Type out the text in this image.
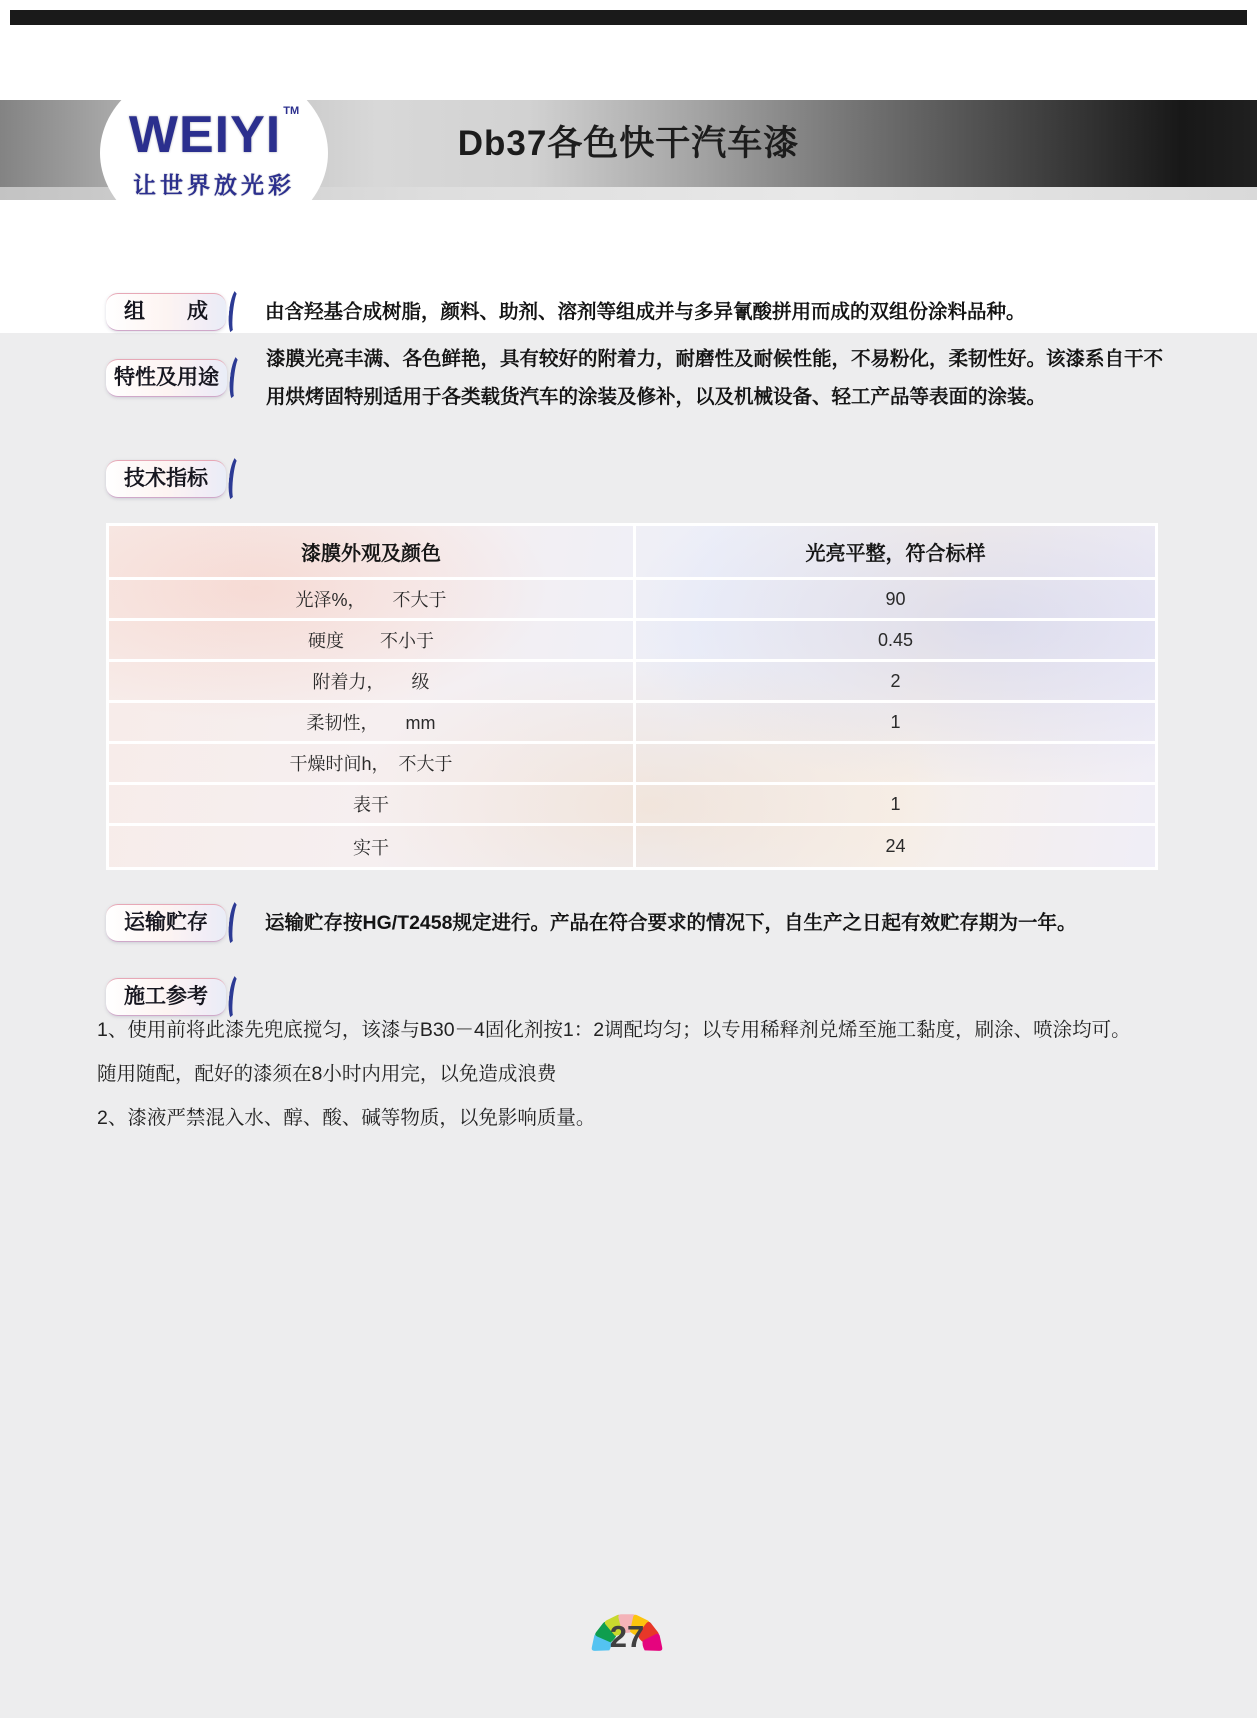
Db37各色快干汽车漆
WEIYI TM
让世界放光彩
组　　成	由含羟基合成树脂，颜料、助剂、溶剂等组成并与多异氰酸拼用而成的双组份涂料品种。
特性及用途
漆膜光亮丰满、各色鲜艳，具有较好的附着力，耐磨性及耐候性能，不易粉化，柔韧性好。该漆系自干不用烘烤固特别适用于各类载货汽车的涂装及修补，以及机械设备、轻工产品等表面的涂装。
技术指标
漆膜外观及颜色	光亮平整，符合标样
光泽%，　　不大于	90
硬度　　不小于	0.45
附着力，　　级	2
柔韧性，　　mm	1
干燥时间h，　不大于
表干	1
实干	24
运输贮存	运输贮存按HG/T2458规定进行。产品在符合要求的情况下，自生产之日起有效贮存期为一年。
施工参考
1、使用前将此漆先兜底搅匀，该漆与B30－4固化剂按1：2调配均匀；以专用稀释剂兑烯至施工黏度，刷涂、喷涂均可。
随用随配，配好的漆须在8小时内用完，以免造成浪费
2、漆液严禁混入水、醇、酸、碱等物质，以免影响质量。
27
